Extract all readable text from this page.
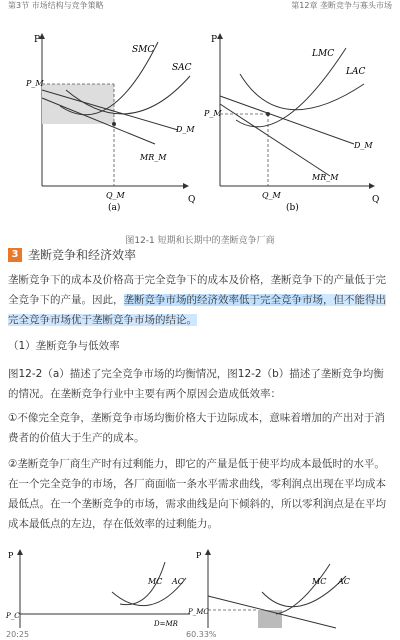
第3节 市场结构与竞争策略	第12章 垄断竞争与寡头市场
P
Q
SMC
SAC
P_M
D_M
MR_M
Q_M
(a)
P
Q
LMC
LAC
P_M
D_M
MR_M
Q_M
(b)
图12-1 短期和长期中的垄断竞争厂商
3 垄断竞争和经济效率

垄断竞争下的成本及价格高于完全竞争下的成本及价格，垄断竞争下的产量低于完全竞争下的产量。因此，垄断竞争市场的经济效率低于完全竞争市场，但不能得出完全竞争市场优于垄断竞争市场的结论。

（1）垄断竞争与低效率

图12-2（a）描述了完全竞争市场的均衡情况，图12-2（b）描述了垄断竞争均衡的情况。在垄断竞争行业中主要有两个原因会造成低效率：

①不像完全竞争，垄断竞争市场均衡价格大于边际成本，意味着增加的产出对于消费者的价值大于生产的成本。

②垄断竞争厂商生产时有过剩能力，即它的产量是低于使平均成本最低时的水平。在一个完全竞争的市场，各厂商面临一条水平需求曲线，零利润点出现在平均成本最低点。在一个垄断竞争的市场，需求曲线是向下倾斜的，所以零利润点是在平均成本最低点的左边，存在低效率的过剩能力。

P
MC AC
P_C
D=MR
P
MC AC
P_MC
20:25	60.33%
